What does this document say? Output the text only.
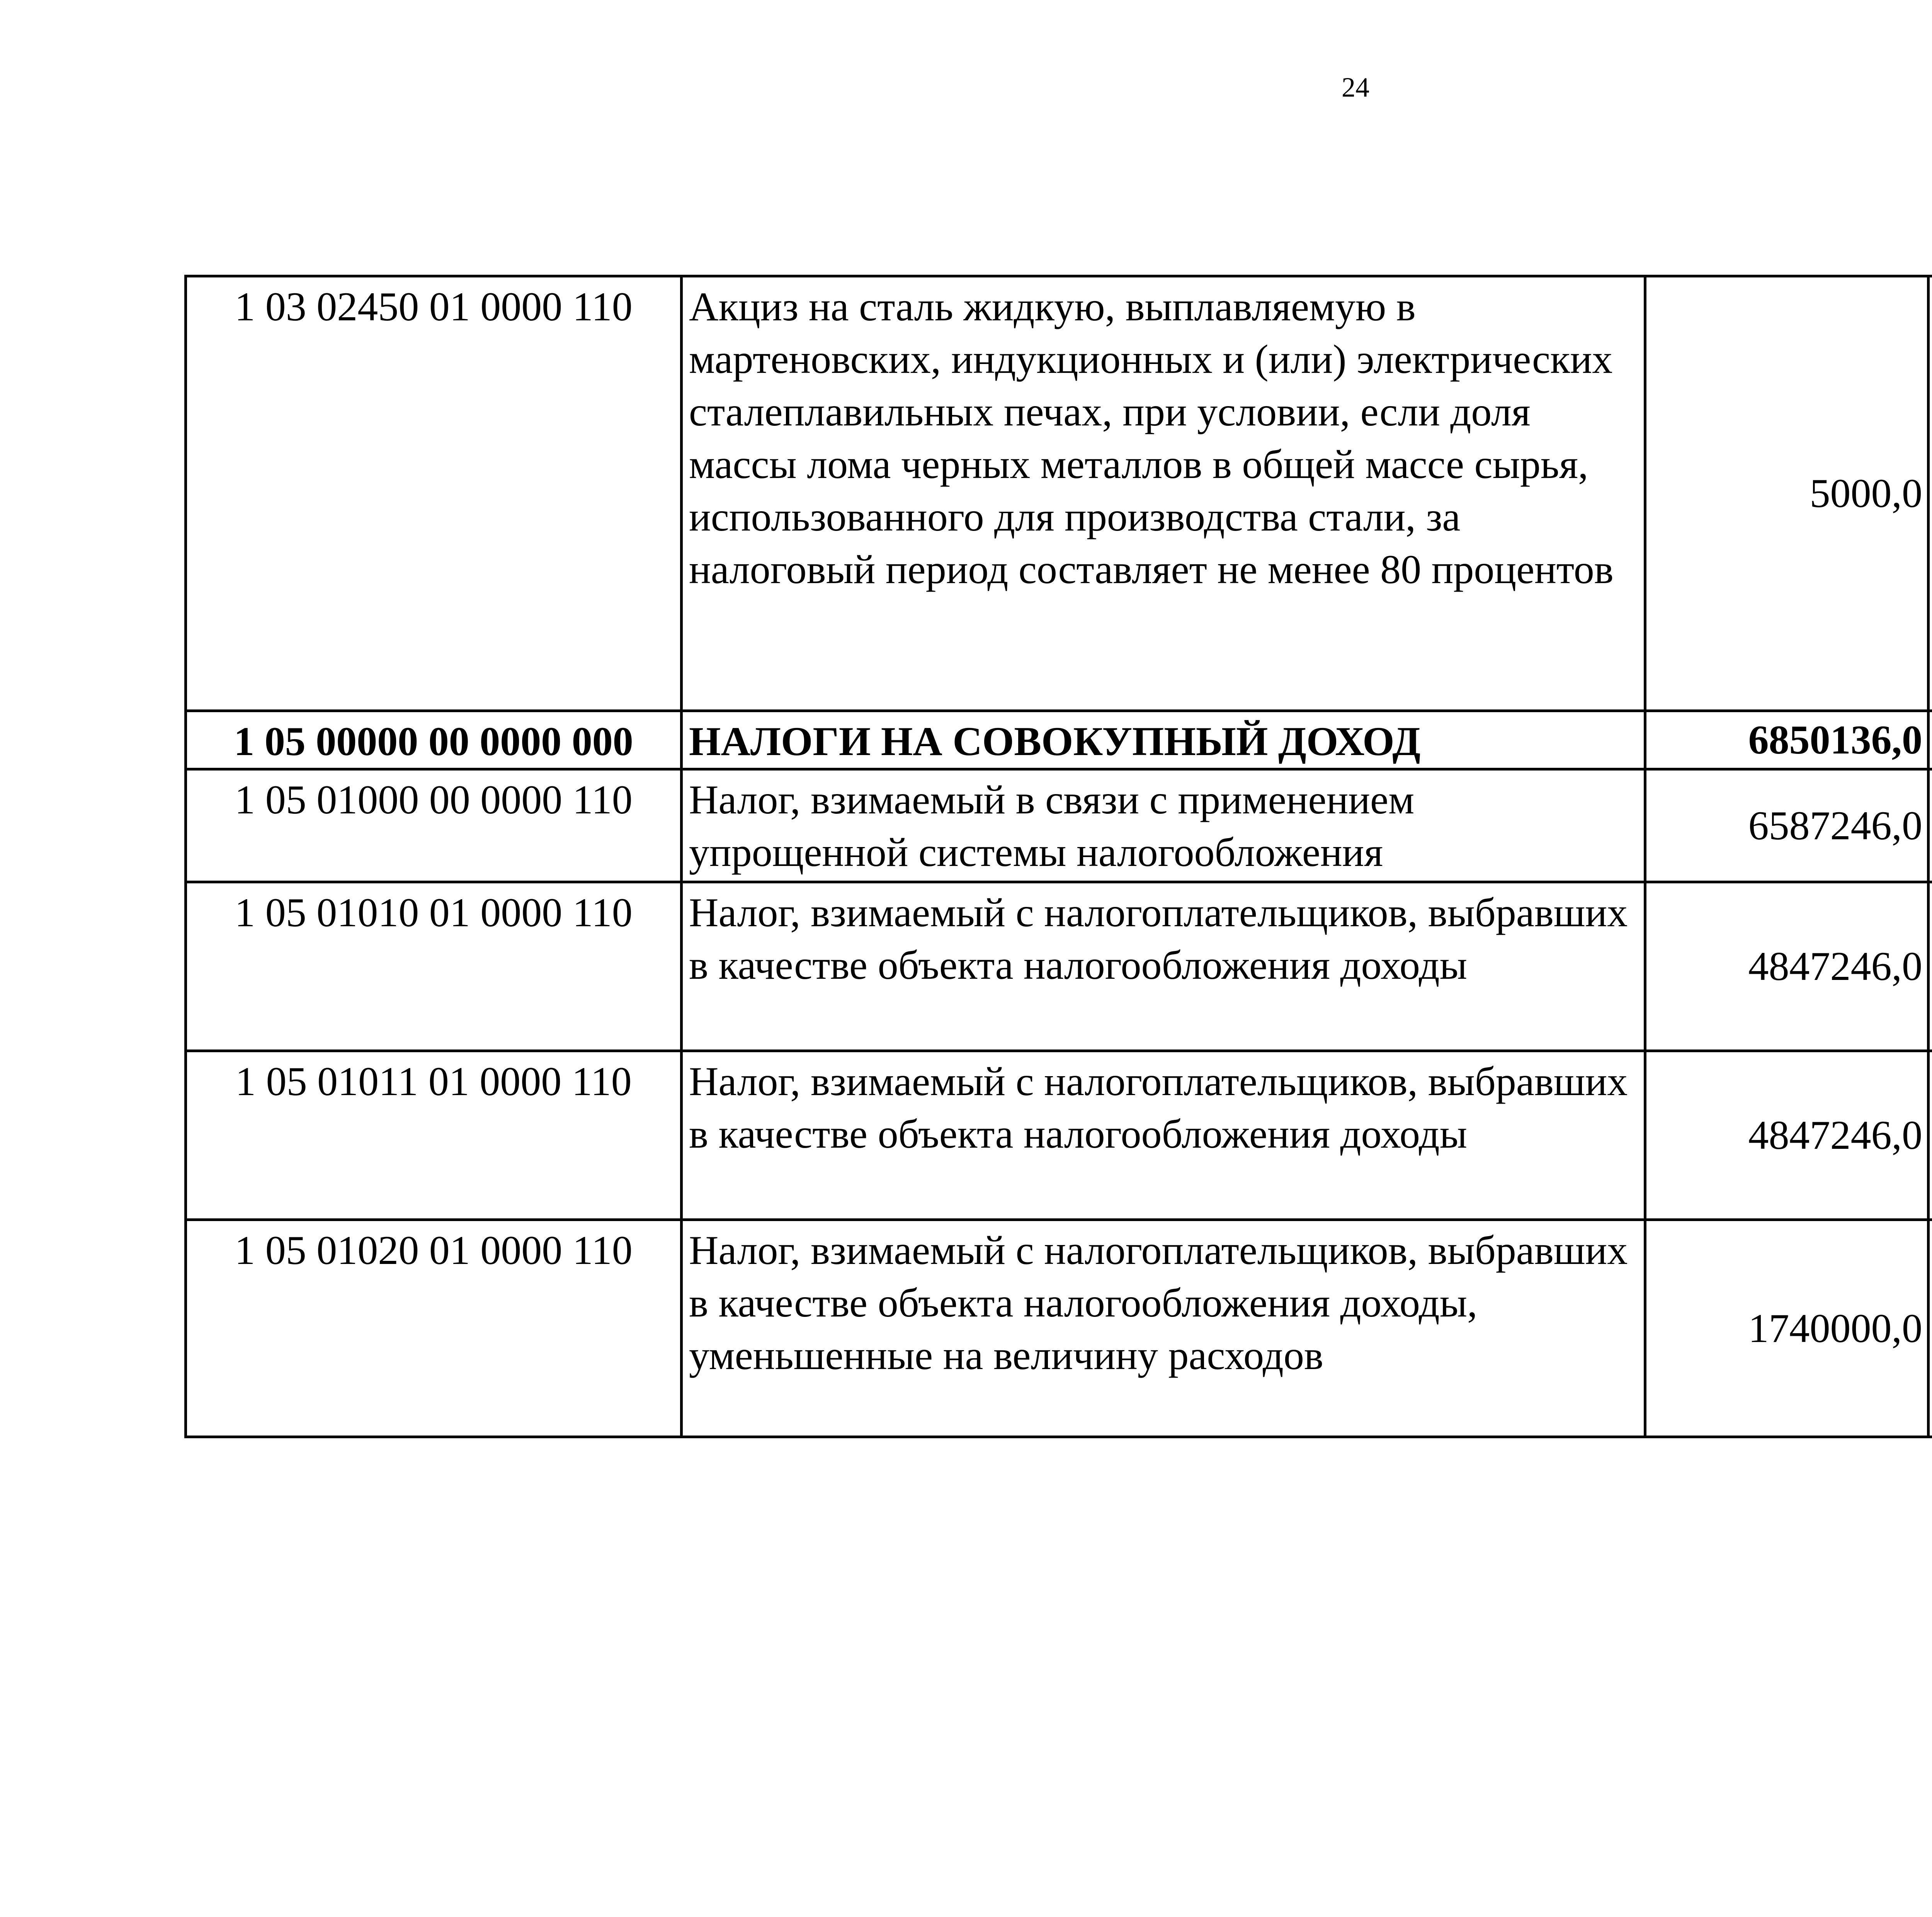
24
1 03 02450 01 0000 110	Акциз на сталь жидкую, выплавляемую в мартеновских, индукционных и (или) электрических сталеплавильных печах, при условии, если доля массы лома черных металлов в общей массе сырья, использованного для производства стали, за налоговый период составляет не менее 80 процентов	5000,0		
1 05 00000 00 0000 000	НАЛОГИ НА СОВОКУПНЫЙ ДОХОД	6850136,0		
1 05 01000 00 0000 110	Налог, взимаемый в связи с применением упрощенной системы налогообложения	6587246,0		
1 05 01010 01 0000 110	Налог, взимаемый с налогоплательщиков, выбравших в качестве объекта налогообложения доходы	4847246,0		
1 05 01011 01 0000 110	Налог, взимаемый с налогоплательщиков, выбравших в качестве объекта налогообложения доходы	4847246,0		
1 05 01020 01 0000 110	Налог, взимаемый с налогоплательщиков, выбравших в качестве объекта налогообложения доходы, уменьшенные на величину расходов	1740000,0		
